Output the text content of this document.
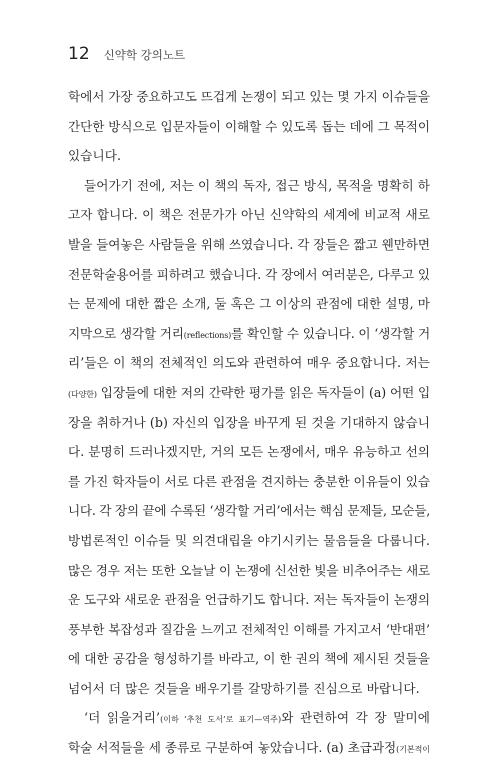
12 신약학 강의노트
학에서 가장 중요하고도 뜨겁게 논쟁이 되고 있는 몇 가지 이슈들을
간단한 방식으로 입문자들이 이해할 수 있도록 돕는 데에 그 목적이
있습니다.
들어가기 전에, 저는 이 책의 독자, 접근 방식, 목적을 명확히 하
고자 합니다. 이 책은 전문가가 아닌 신약학의 세계에 비교적 새로
발을 들여놓은 사람들을 위해 쓰였습니다. 각 장들은 짧고 웬만하면
전문학술용어를 피하려고 했습니다. 각 장에서 여러분은, 다루고 있
는 문제에 대한 짧은 소개, 둘 혹은 그 이상의 관점에 대한 설명, 마
지막으로 생각할 거리(reflections)를 확인할 수 있습니다. 이 ‘생각할 거
리’들은 이 책의 전체적인 의도와 관련하여 매우 중요합니다. 저는
(다양한) 입장들에 대한 저의 간략한 평가를 읽은 독자들이 (a) 어떤 입
장을 취하거나 (b) 자신의 입장을 바꾸게 된 것을 기대하지 않습니
다. 분명히 드러나겠지만, 거의 모든 논쟁에서, 매우 유능하고 선의
를 가진 학자들이 서로 다른 관점을 견지하는 충분한 이유들이 있습
니다. 각 장의 끝에 수록된 ‘생각할 거리’에서는 핵심 문제들, 모순들,
방법론적인 이슈들 및 의견대립을 야기시키는 물음들을 다룹니다.
많은 경우 저는 또한 오늘날 이 논쟁에 신선한 빛을 비추어주는 새로
운 도구와 새로운 관점을 언급하기도 합니다. 저는 독자들이 논쟁의
풍부한 복잡성과 질감을 느끼고 전체적인 이해를 가지고서 ‘반대편’
에 대한 공감을 형성하기를 바라고, 이 한 권의 책에 제시된 것들을
넘어서 더 많은 것들을 배우기를 갈망하기를 진심으로 바랍니다.
‘더 읽을거리’(이하 ‘추천 도서’로 표기—역주)와 관련하여 각 장 말미에
학술 서적들을 세 종류로 구분하여 놓았습니다. (a) 초급과정(기본적이
